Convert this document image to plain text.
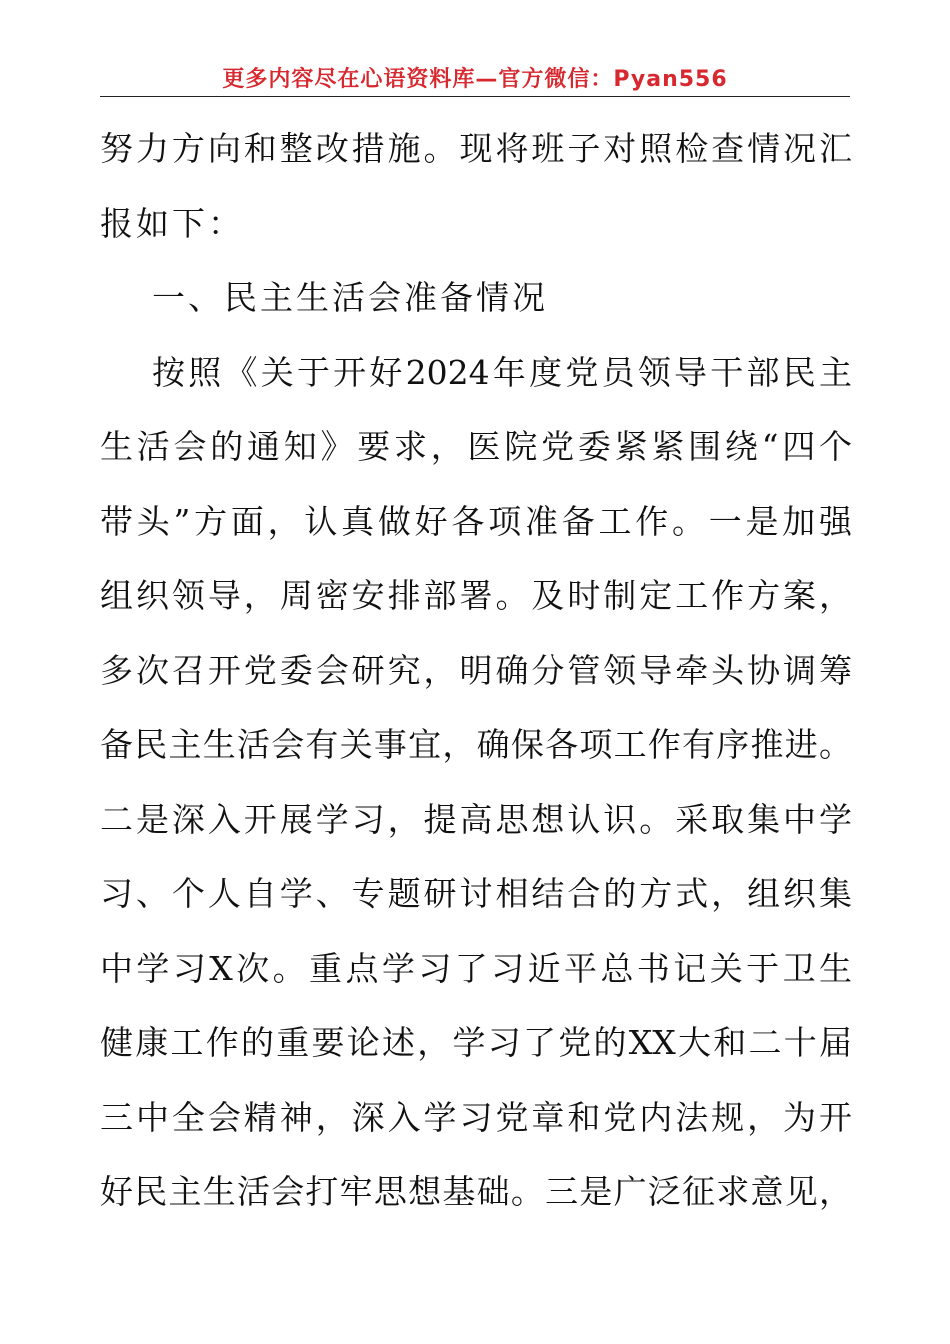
更多内容尽在心语资料库—官方微信：Pyan556
努力方向和整改措施。现将班子对照检查情况汇
报如下：
一、民主生活会准备情况
按照《关于开好2024年度党员领导干部民主
生活会的通知》要求，医院党委紧紧围绕“四个
带头”方面，认真做好各项准备工作。一是加强
组织领导，周密安排部署。及时制定工作方案，
多次召开党委会研究，明确分管领导牵头协调筹
备民主生活会有关事宜，确保各项工作有序推进。
二是深入开展学习，提高思想认识。采取集中学
习、个人自学、专题研讨相结合的方式，组织集
中学习X次。重点学习了习近平总书记关于卫生
健康工作的重要论述，学习了党的XX大和二十届
三中全会精神，深入学习党章和党内法规，为开
好民主生活会打牢思想基础。三是广泛征求意见，
